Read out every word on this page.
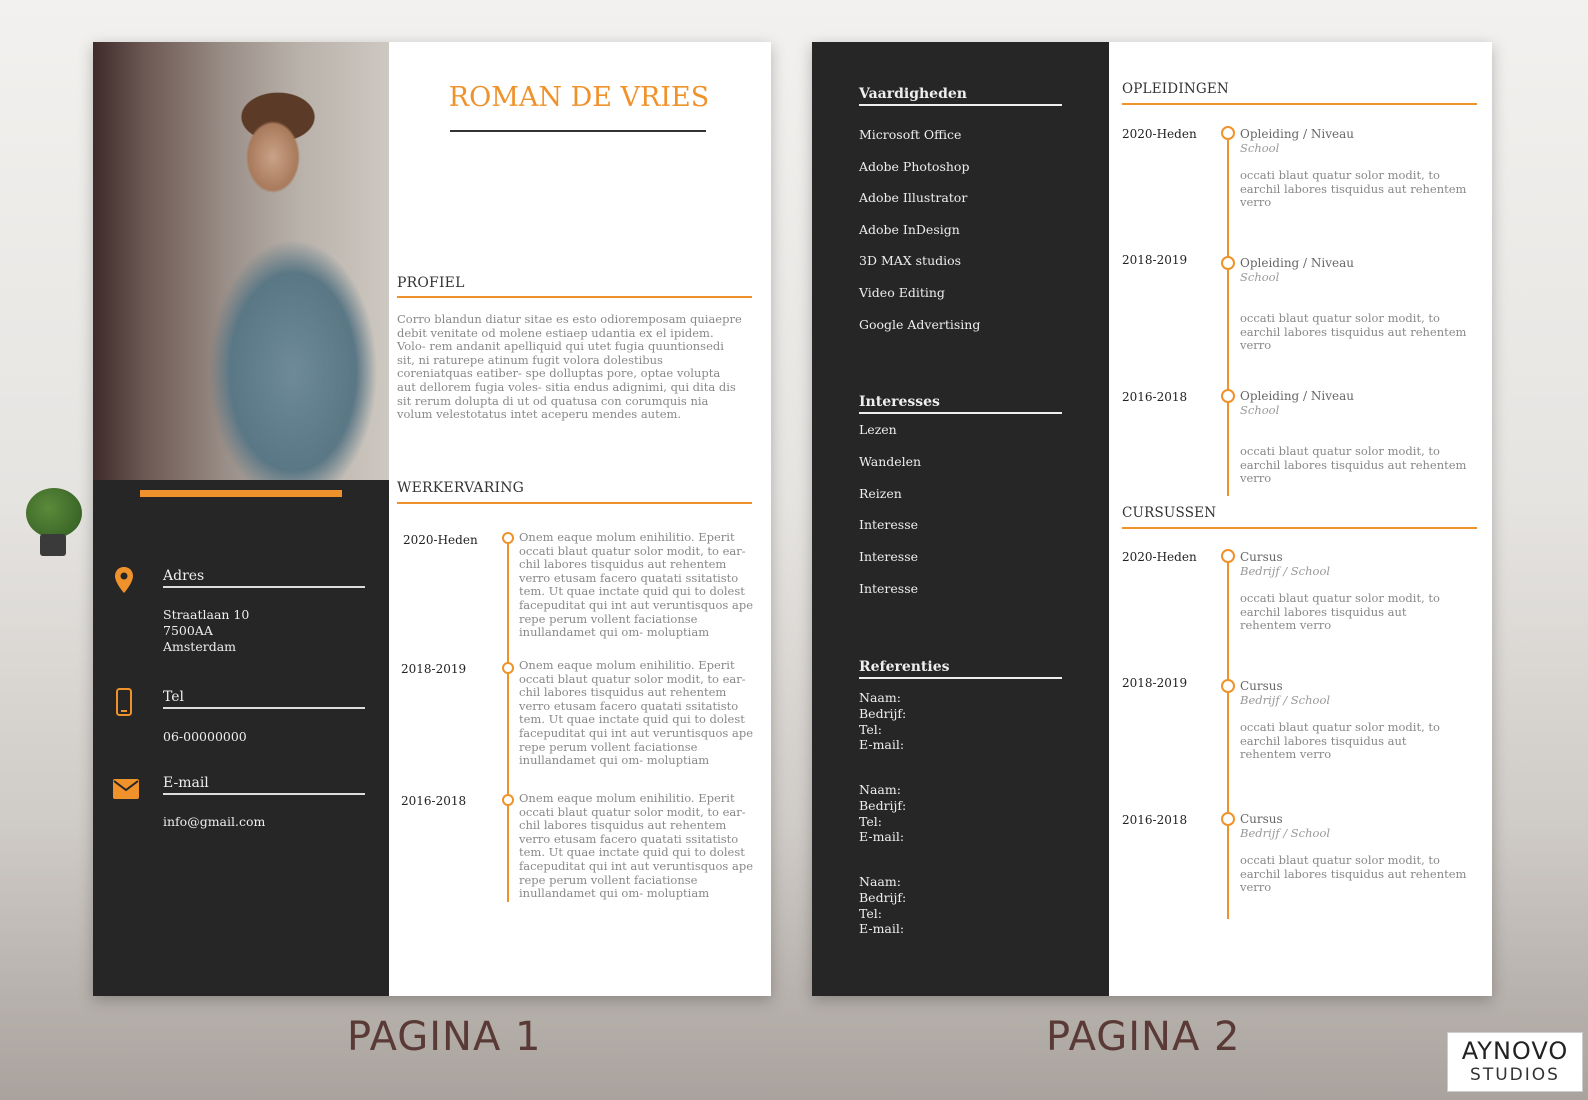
Adres
Straatlaan 10
7500AA
Amsterdam
Tel
06-00000000
E-mail
info@gmail.com
ROMAN DE VRIES
PROFIEL
Corro blandun diatur sitae es esto odioremposam quiaepre debit venitate od molene estiaep udantia ex el ipidem. Volo- rem andanit apelliquid qui utet fugia quuntionsedi sit, ni raturepe atinum fugit volora dolestibus coreniatquas eatiber- spe dolluptas pore, optae volupta aut dellorem fugia voles- sitia endus adignimi, qui dita dis sit rerum dolupta di ut od quatusa con corumquis nia volum velestotatus intet aceperu mendes autem.
WERKERVARING
2020-Heden	Onem eaque molum enihilitio. Eperit occati blaut quatur solor modit, to ear- chil labores tisquidus aut rehentem verro etusam facero quatati ssitatisto tem. Ut quae inctate quid qui to dolest facepuditat qui int aut veruntisquos ape repe perum vollent faciationse inullandamet qui om- moluptiam
2018-2019	Onem eaque molum enihilitio. Eperit occati blaut quatur solor modit, to ear- chil labores tisquidus aut rehentem verro etusam facero quatati ssitatisto tem. Ut quae inctate quid qui to dolest facepuditat qui int aut veruntisquos ape repe perum vollent faciationse inullandamet qui om- moluptiam
2016-2018	Onem eaque molum enihilitio. Eperit occati blaut quatur solor modit, to ear- chil labores tisquidus aut rehentem verro etusam facero quatati ssitatisto tem. Ut quae inctate quid qui to dolest facepuditat qui int aut veruntisquos ape repe perum vollent faciationse inullandamet qui om- moluptiam
PAGINA 1
Vaardigheden
Microsoft Office
Adobe Photoshop
Adobe Illustrator
Adobe InDesign
3D MAX studios
Video Editing
Google Advertising
Interesses
Lezen
Wandelen
Reizen
Interesse
Interesse
Interesse
Referenties
Naam:
Bedrijf:
Tel:
E-mail:
Naam:
Bedrijf:
Tel:
E-mail:
Naam:
Bedrijf:
Tel:
E-mail:
OPLEIDINGEN
2020-Heden	Opleiding / Niveau
School
occati blaut quatur solor modit, to earchil labores tisquidus aut rehentem verro
2018-2019	Opleiding / Niveau
School
occati blaut quatur solor modit, to earchil labores tisquidus aut rehentem verro
2016-2018	Opleiding / Niveau
School
occati blaut quatur solor modit, to earchil labores tisquidus aut rehentem verro
CURSUSSEN
2020-Heden	Cursus
Bedrijf / School
occati blaut quatur solor modit, to earchil labores tisquidus aut rehentem verro
2018-2019	Cursus
Bedrijf / School
occati blaut quatur solor modit, to earchil labores tisquidus aut rehentem verro
2016-2018	Cursus
Bedrijf / School
occati blaut quatur solor modit, to earchil labores tisquidus aut rehentem verro
PAGINA 2	AYNOVO
STUDIOS
